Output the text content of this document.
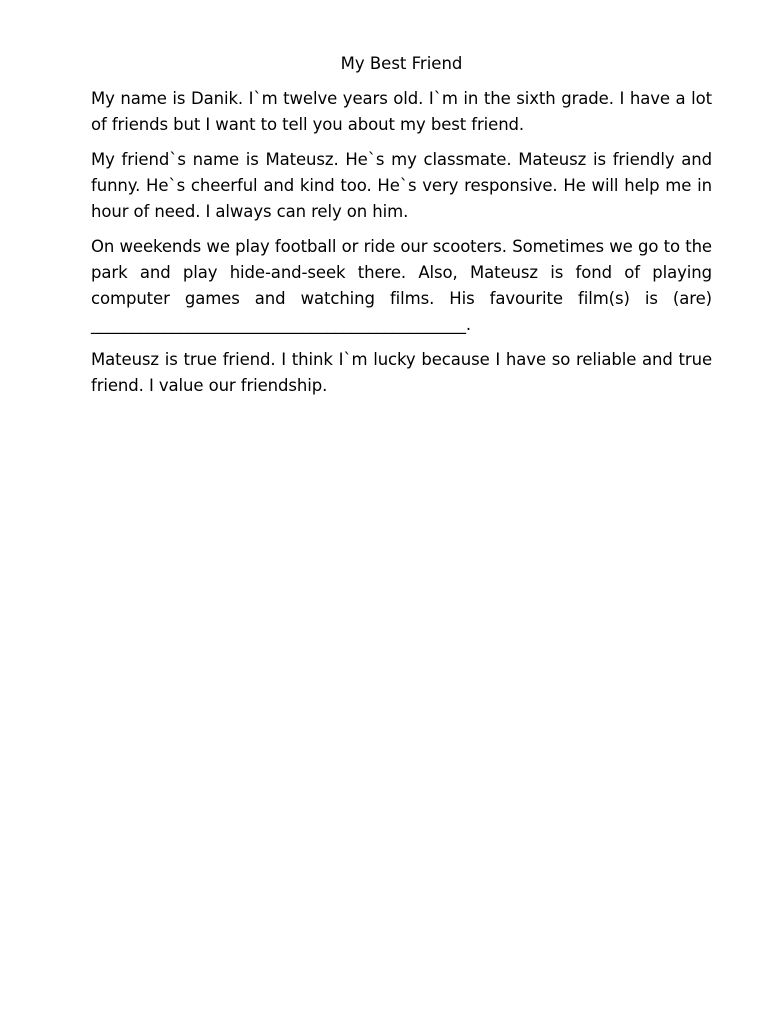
My Best Friend

My name is Danik. I`m twelve years old. I`m in the sixth grade. I have a lot of friends but I want to tell you about my best friend.

My friend`s name is Mateusz. He`s my classmate. Mateusz is friendly and funny. He`s cheerful and kind too. He`s very responsive. He will help me in hour of need. I always can rely on him.

On weekends we play football or ride our scooters. Sometimes we go to the park and play hide-and-seek there. Also, Mateusz is fond of playing computer games and watching films. His favourite film(s) is (are) ______________________________________________.

Mateusz is true friend. I think I`m lucky because I have so reliable and true friend. I value our friendship.
